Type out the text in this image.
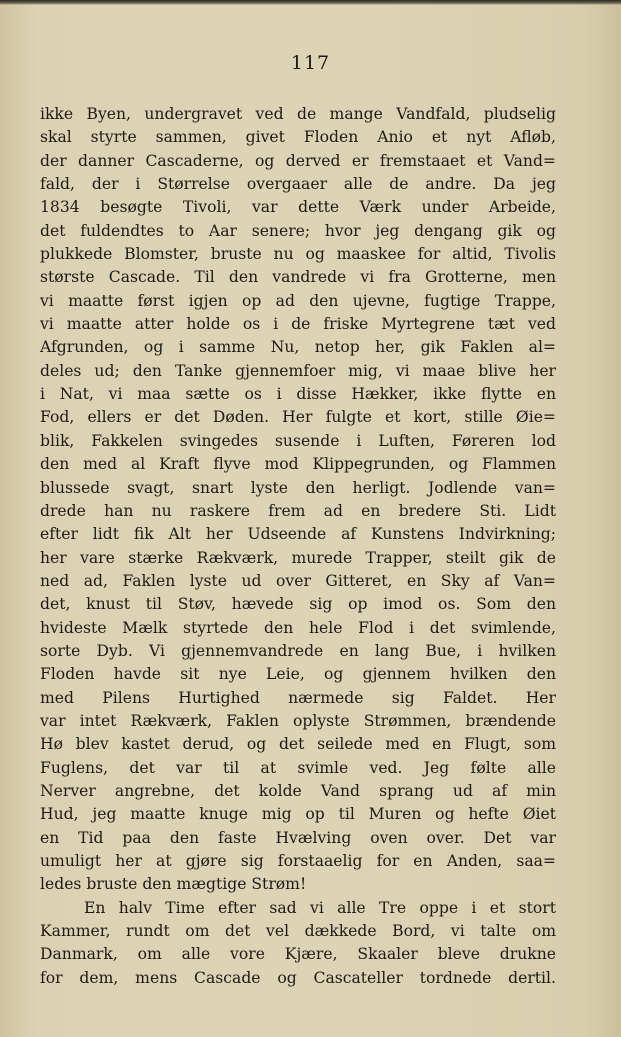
117
ikke Byen, undergravet ved de mange Vandfald, pludselig
skal styrte sammen, givet Floden Anio et nyt Afløb,
der danner Cascaderne, og derved er fremstaaet et Vand=
fald, der i Størrelse overgaaer alle de andre. Da jeg
1834 besøgte Tivoli, var dette Værk under Arbeide,
det fuldendtes to Aar senere; hvor jeg dengang gik og
plukkede Blomster, bruste nu og maaskee for altid, Tivolis
største Cascade. Til den vandrede vi fra Grotterne, men
vi maatte først igjen op ad den ujevne, fugtige Trappe,
vi maatte atter holde os i de friske Myrtegrene tæt ved
Afgrunden, og i samme Nu, netop her, gik Faklen al=
deles ud; den Tanke gjennemfoer mig, vi maae blive her
i Nat, vi maa sætte os i disse Hækker, ikke flytte en
Fod, ellers er det Døden. Her fulgte et kort, stille Øie=
blik, Fakkelen svingedes susende i Luften, Føreren lod
den med al Kraft flyve mod Klippegrunden, og Flammen
blussede svagt, snart lyste den herligt. Jodlende van=
drede han nu raskere frem ad en bredere Sti. Lidt
efter lidt fik Alt her Udseende af Kunstens Indvirkning;
her vare stærke Rækværk, murede Trapper, steilt gik de
ned ad, Faklen lyste ud over Gitteret, en Sky af Van=
det, knust til Støv, hævede sig op imod os. Som den
hvideste Mælk styrtede den hele Flod i det svimlende,
sorte Dyb. Vi gjennemvandrede en lang Bue, i hvilken
Floden havde sit nye Leie, og gjennem hvilken den
med Pilens Hurtighed nærmede sig Faldet. Her
var intet Rækværk, Faklen oplyste Strømmen, brændende
Hø blev kastet derud, og det seilede med en Flugt, som
Fuglens, det var til at svimle ved. Jeg følte alle
Nerver angrebne, det kolde Vand sprang ud af min
Hud, jeg maatte knuge mig op til Muren og hefte Øiet
en Tid paa den faste Hvælving oven over. Det var
umuligt her at gjøre sig forstaaelig for en Anden, saa=
ledes bruste den mægtige Strøm!
En halv Time efter sad vi alle Tre oppe i et stort
Kammer, rundt om det vel dækkede Bord, vi talte om
Danmark, om alle vore Kjære, Skaaler bleve drukne
for dem, mens Cascade og Cascateller tordnede dertil.
